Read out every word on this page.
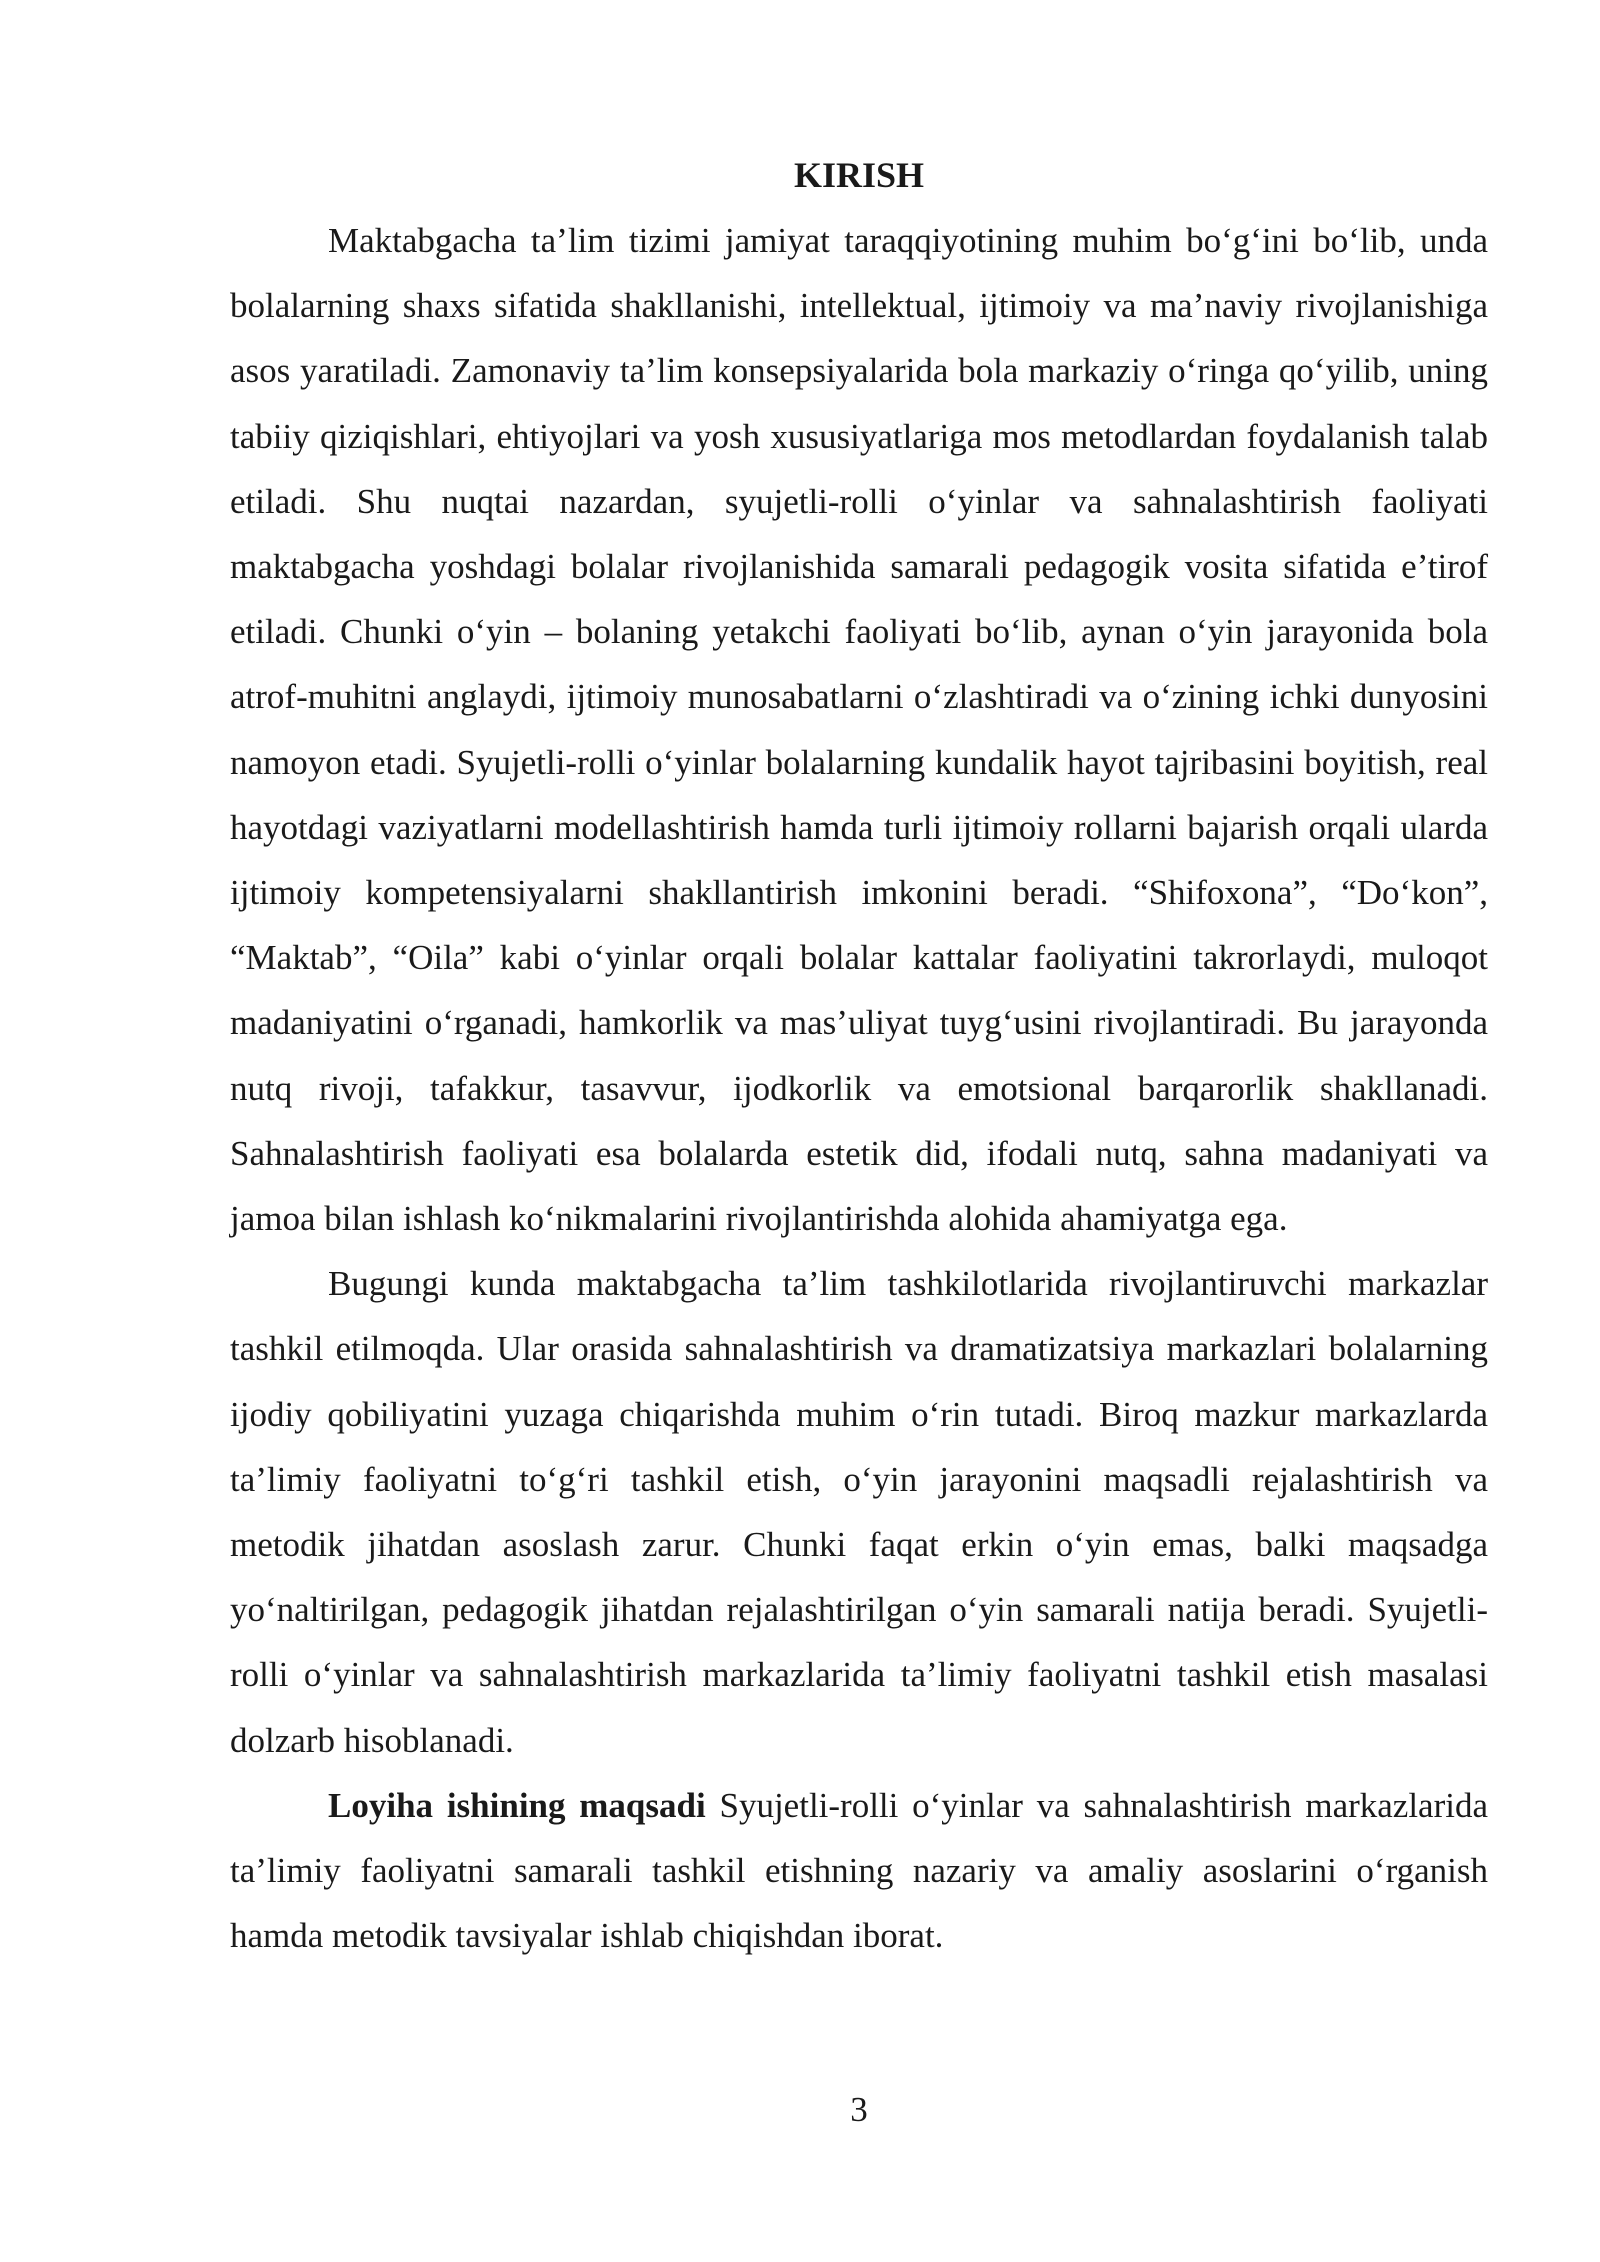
KIRISH

Maktabgacha ta’lim tizimi jamiyat taraqqiyotining muhim bo‘g‘ini bo‘lib, unda bolalarning shaxs sifatida shakllanishi, intellektual, ijtimoiy va ma’naviy rivojlanishiga asos yaratiladi. Zamonaviy ta’lim konsepsiyalarida bola markaziy o‘ringa qo‘yilib, uning tabiiy qiziqishlari, ehtiyojlari va yosh xususiyatlariga mos metodlardan foydalanish talab etiladi. Shu nuqtai nazardan, syujetli-rolli o‘yinlar va sahnalashtirish faoliyati maktabgacha yoshdagi bolalar rivojlanishida samarali pedagogik vosita sifatida e’tirof etiladi. Chunki o‘yin – bolaning yetakchi faoliyati bo‘lib, aynan o‘yin jarayonida bola atrof-muhitni anglaydi, ijtimoiy munosabatlarni o‘zlashtiradi va o‘zining ichki dunyosini namoyon etadi. Syujetli-rolli o‘yinlar bolalarning kundalik hayot tajribasini boyitish, real hayotdagi vaziyatlarni modellashtirish hamda turli ijtimoiy rollarni bajarish orqali ularda ijtimoiy kompetensiyalarni shakllantirish imkonini beradi. “Shifoxona”, “Do‘kon”, “Maktab”, “Oila” kabi o‘yinlar orqali bolalar kattalar faoliyatini takrorlaydi, muloqot madaniyatini o‘rganadi, hamkorlik va mas’uliyat tuyg‘usini rivojlantiradi. Bu jarayonda nutq rivoji, tafakkur, tasavvur, ijodkorlik va emotsional barqarorlik shakllanadi. Sahnalashtirish faoliyati esa bolalarda estetik did, ifodali nutq, sahna madaniyati va jamoa bilan ishlash ko‘nikmalarini rivojlantirishda alohida ahamiyatga ega.

Bugungi kunda maktabgacha ta’lim tashkilotlarida rivojlantiruvchi markazlar tashkil etilmoqda. Ular orasida sahnalashtirish va dramatizatsiya markazlari bolalarning ijodiy qobiliyatini yuzaga chiqarishda muhim o‘rin tutadi. Biroq mazkur markazlarda ta’limiy faoliyatni to‘g‘ri tashkil etish, o‘yin jarayonini maqsadli rejalashtirish va metodik jihatdan asoslash zarur. Chunki faqat erkin o‘yin emas, balki maqsadga yo‘naltirilgan, pedagogik jihatdan rejalashtirilgan o‘yin samarali natija beradi. Syujetli-rolli o‘yinlar va sahnalashtirish markazlarida ta’limiy faoliyatni tashkil etish masalasi dolzarb hisoblanadi.

Loyiha ishining maqsadi Syujetli-rolli o‘yinlar va sahnalashtirish markazlarida ta’limiy faoliyatni samarali tashkil etishning nazariy va amaliy asoslarini o‘rganish hamda metodik tavsiyalar ishlab chiqishdan iborat.

3
